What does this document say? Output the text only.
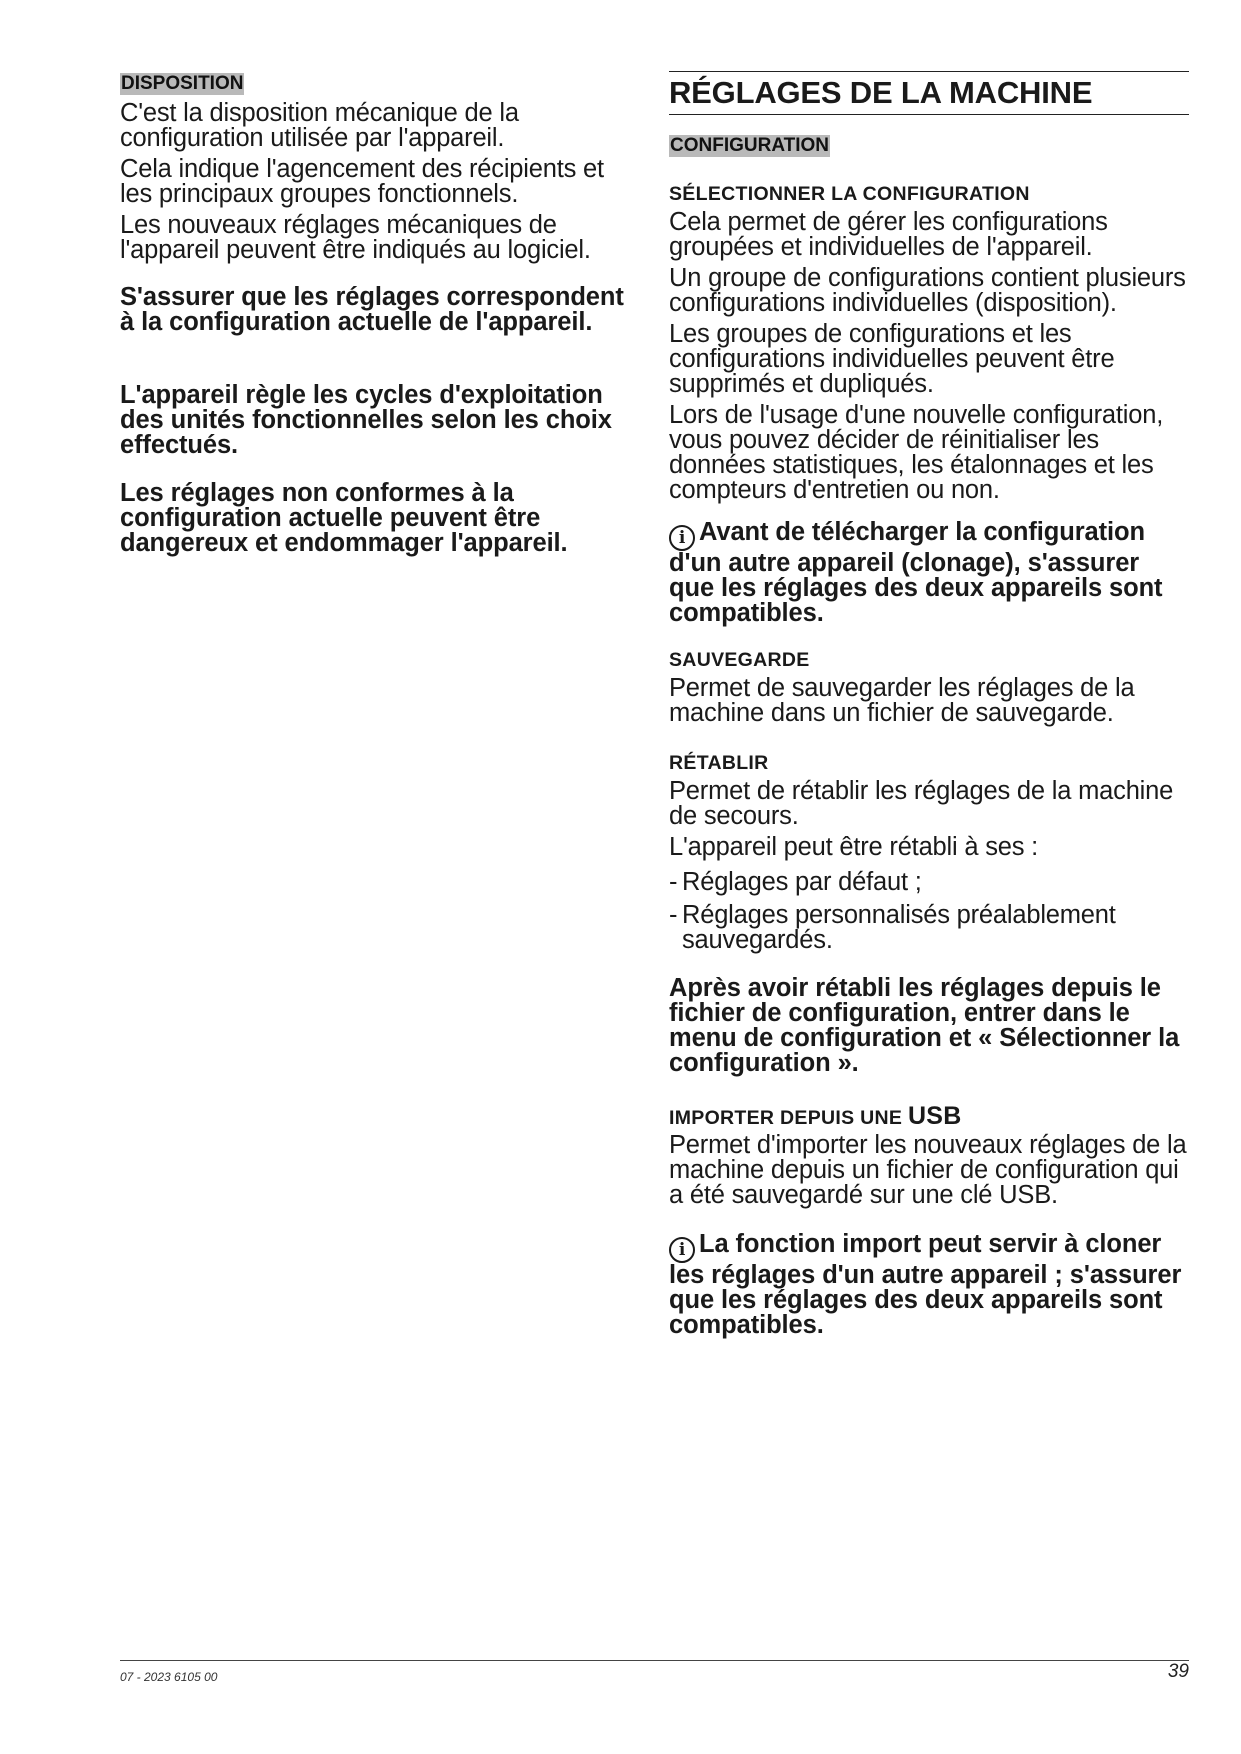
DISPOSITION

C'est la disposition mécanique de la configuration utilisée par l'appareil.

Cela indique l'agencement des récipients et les principaux groupes fonctionnels.

Les nouveaux réglages mécaniques de l'appareil peuvent être indiqués au logiciel.

S'assurer que les réglages correspondent à la configuration actuelle de l'appareil.

L'appareil règle les cycles d'exploitation des unités fonctionnelles selon les choix effectués.

Les réglages non conformes à la configuration actuelle peuvent être dangereux et endommager l'appareil.

RÉGLAGES DE LA MACHINE
CONFIGURATION

SÉLECTIONNER LA CONFIGURATION

Cela permet de gérer les configurations groupées et individuelles de l'appareil.

Un groupe de configurations contient plusieurs configurations individuelles (disposition).

Les groupes de configurations et les configurations individuelles peuvent être supprimés et dupliqués.

Lors de l'usage d'une nouvelle configuration, vous pouvez décider de réinitialiser les données statistiques, les étalonnages et les compteurs d'entretien ou non.

i Avant de télécharger la configuration d'un autre appareil (clonage), s'assurer que les réglages des deux appareils sont compatibles.

SAUVEGARDE

Permet de sauvegarder les réglages de la machine dans un fichier de sauvegarde.

RÉTABLIR

Permet de rétablir les réglages de la machine de secours.

L'appareil peut être rétabli à ses :

- Réglages par défaut ;
- Réglages personnalisés préalablement sauvegardés.

Après avoir rétabli les réglages depuis le fichier de configuration, entrer dans le menu de configuration et « Sélectionner la configuration ».

IMPORTER DEPUIS UNE USB

Permet d'importer les nouveaux réglages de la machine depuis un fichier de configuration qui a été sauvegardé sur une clé USB.

i La fonction import peut servir à cloner les réglages d'un autre appareil ; s'assurer que les réglages des deux appareils sont compatibles.

07 - 2023 6105 00	39
